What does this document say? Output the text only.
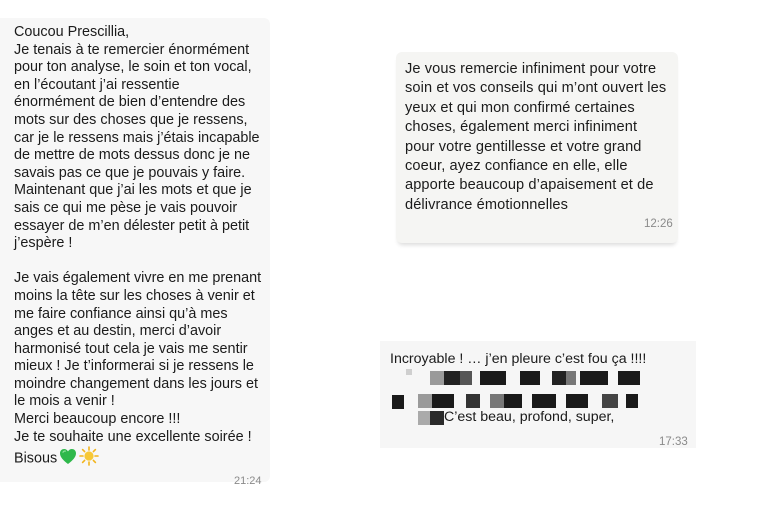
Coucou Prescillia,
Je tenais à te remercier énormément pour ton analyse, le soin et ton vocal, en l’écoutant j’ai ressentie énormément de bien d’entendre des mots sur des choses que je ressens, car je le ressens mais j’étais incapable de mettre de mots dessus donc je ne savais pas ce que je pouvais y faire.
Maintenant que j’ai les mots et que je sais ce qui me pèse je vais pouvoir essayer de m’en délester petit à petit j’espère !

Je vais également vivre en me prenant moins la tête sur les choses à venir et me faire confiance ainsi qu’à mes anges et au destin, merci d’avoir harmonisé tout cela je vais me sentir mieux ! Je t’informerai si je ressens le moindre changement dans les jours et le mois a venir !
Merci beaucoup encore !!!
Je te souhaite une excellente soirée !
Bisous
21:24
Je vous remercie infiniment pour votre soin et vos conseils qui m’ont ouvert les yeux et qui mon confirmé certaines choses, également merci infiniment pour votre gentillesse et votre grand coeur, ayez confiance en elle, elle apporte beaucoup d’apaisement et de délivrance émotionnelles
12:26
Incroyable ! … j’en pleure c’est fou ça !!!!
C’est beau, profond, super,
17:33
